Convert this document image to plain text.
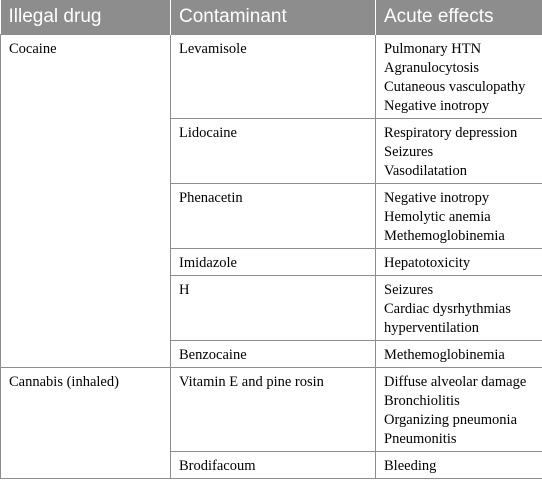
Illegal drug	Contaminant	Acute effects
Cocaine	Levamisole	Pulmonary HTN
Agranulocytosis
Cutaneous vasculopathy
Negative inotropy

	Lidocaine	Respiratory depression
Seizures
Vasodilatation

	Phenacetin	Negative inotropy
Hemolytic anemia
Methemoglobinemia

	Imidazole	Hepatotoxicity

	H	Seizures
Cardiac dysrhythmias
hyperventilation

	Benzocaine	Methemoglobinemia

Cannabis (inhaled)	Vitamin E and pine rosin	Diffuse alveolar damage
Bronchiolitis
Organizing pneumonia
Pneumonitis

	Brodifacoum	Bleeding
